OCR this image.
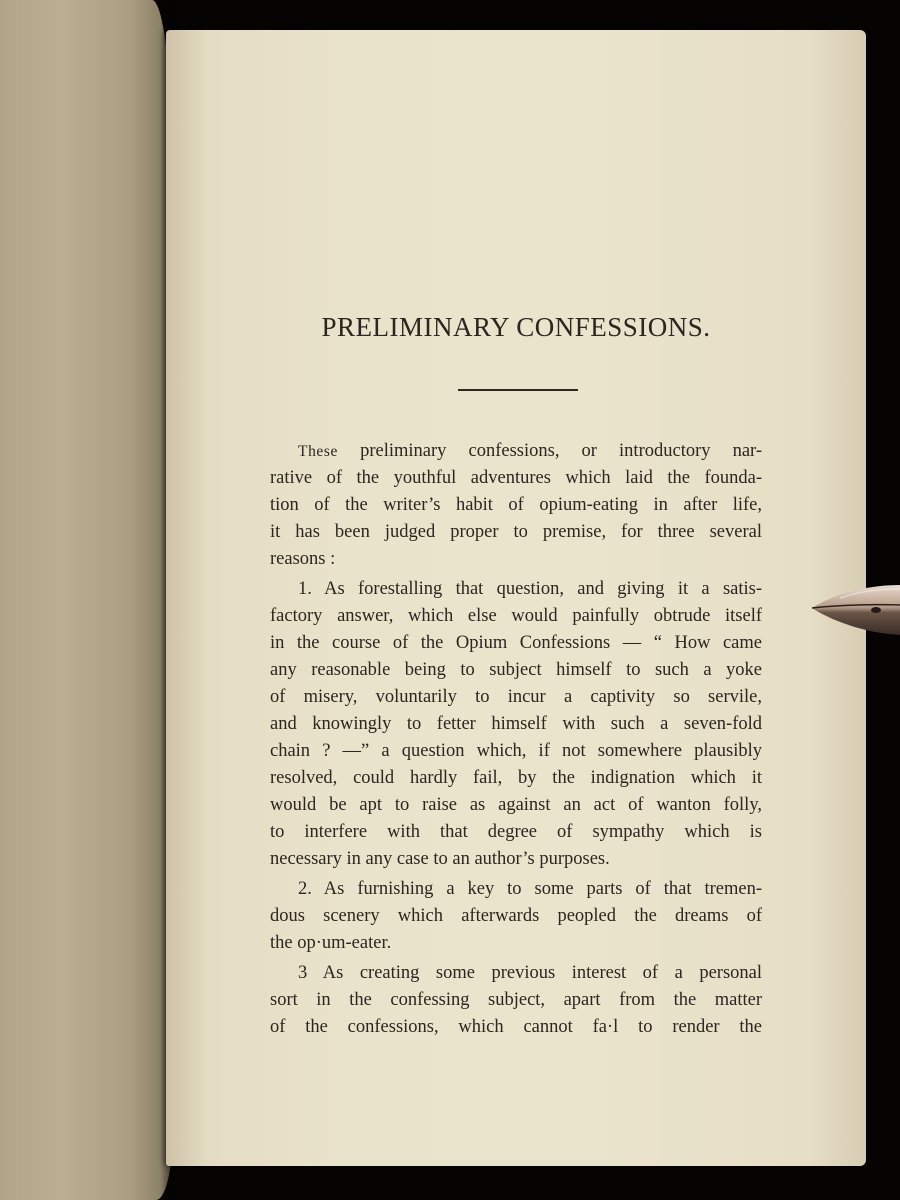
PRELIMINARY CONFESSIONS.
These preliminary confessions, or introductory nar-
rative of the youthful adventures which laid the founda-
tion of the writer’s habit of opium-eating in after life,
it has been judged proper to premise, for three several
reasons :
1. As forestalling that question, and giving it a satis-
factory answer, which else would painfully obtrude itself
in the course of the Opium Confessions — “ How came
any reasonable being to subject himself to such a yoke
of misery, voluntarily to incur a captivity so servile,
and knowingly to fetter himself with such a seven-fold
chain ? —” a question which, if not somewhere plausibly
resolved, could hardly fail, by the indignation which it
would be apt to raise as against an act of wanton folly,
to interfere with that degree of sympathy which is
necessary in any case to an author’s purposes.
2. As furnishing a key to some parts of that tremen-
dous scenery which afterwards peopled the dreams of
the op·um-eater.
3 As creating some previous interest of a personal
sort in the confessing subject, apart from the matter
of the confessions, which cannot fa·l to render the
